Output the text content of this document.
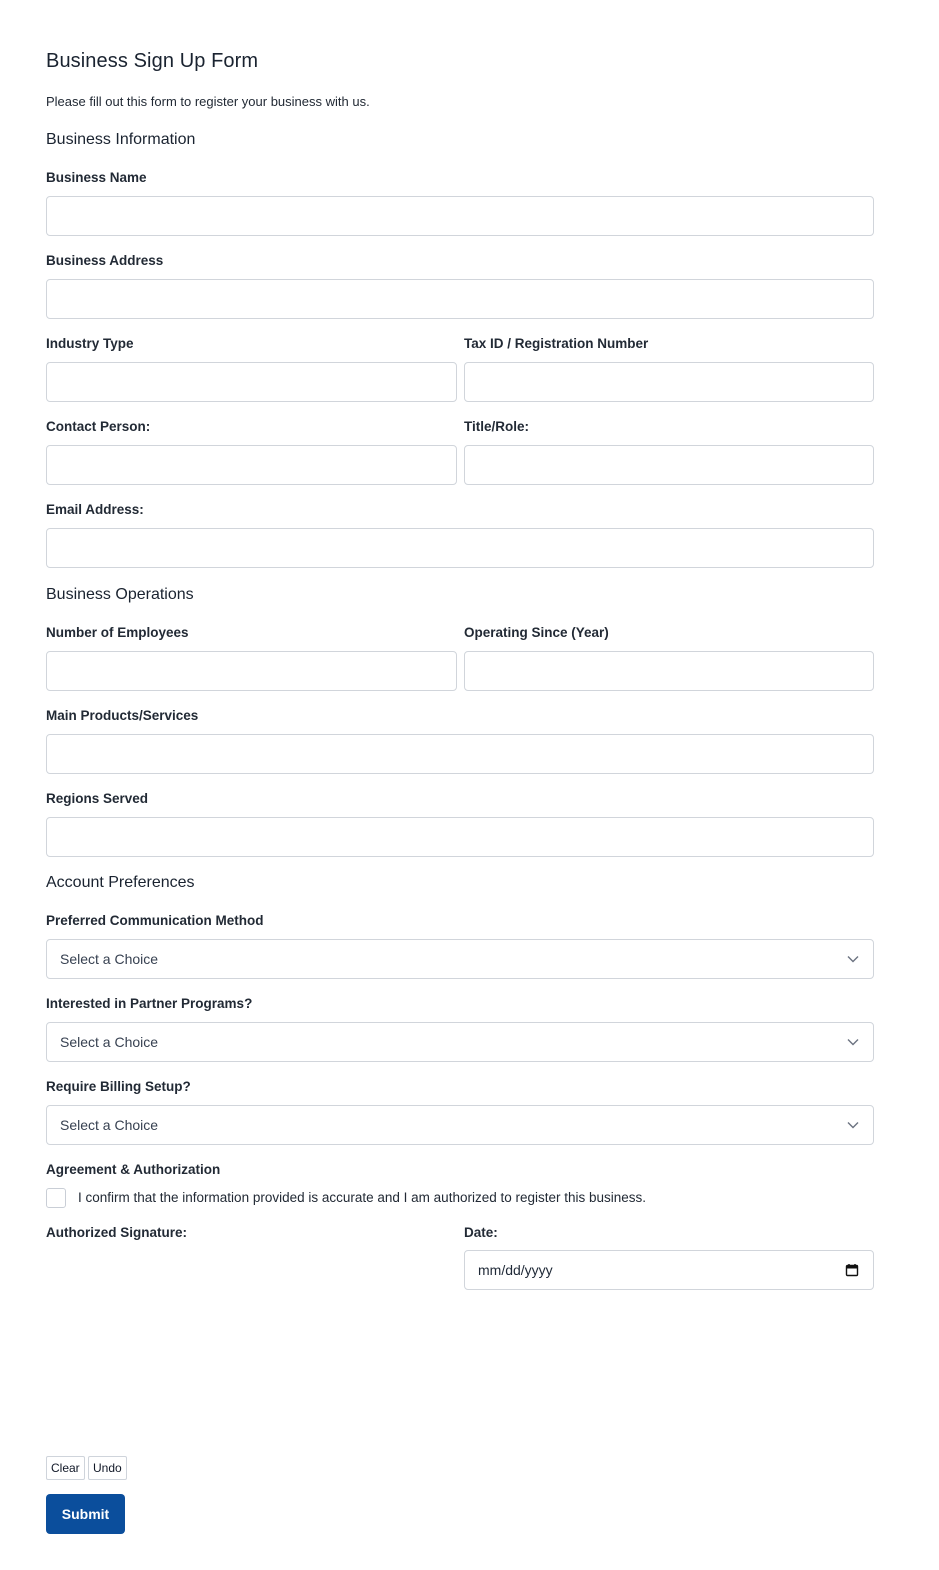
Business Sign Up Form
Please fill out this form to register your business with us.
Business Information
Business Name
Business Address
Industry Type	Tax ID / Registration Number
Contact Person:	Title/Role:
Email Address:
Business Operations
Number of Employees	Operating Since (Year)
Main Products/Services
Regions Served
Account Preferences
Preferred Communication Method
Select a Choice
Interested in Partner Programs?
Select a Choice
Require Billing Setup?
Select a Choice
Agreement & Authorization
I confirm that the information provided is accurate and I am authorized to register this business.
Authorized Signature:	Date:
mm/dd/yyyy
Clear	Undo
Submit
